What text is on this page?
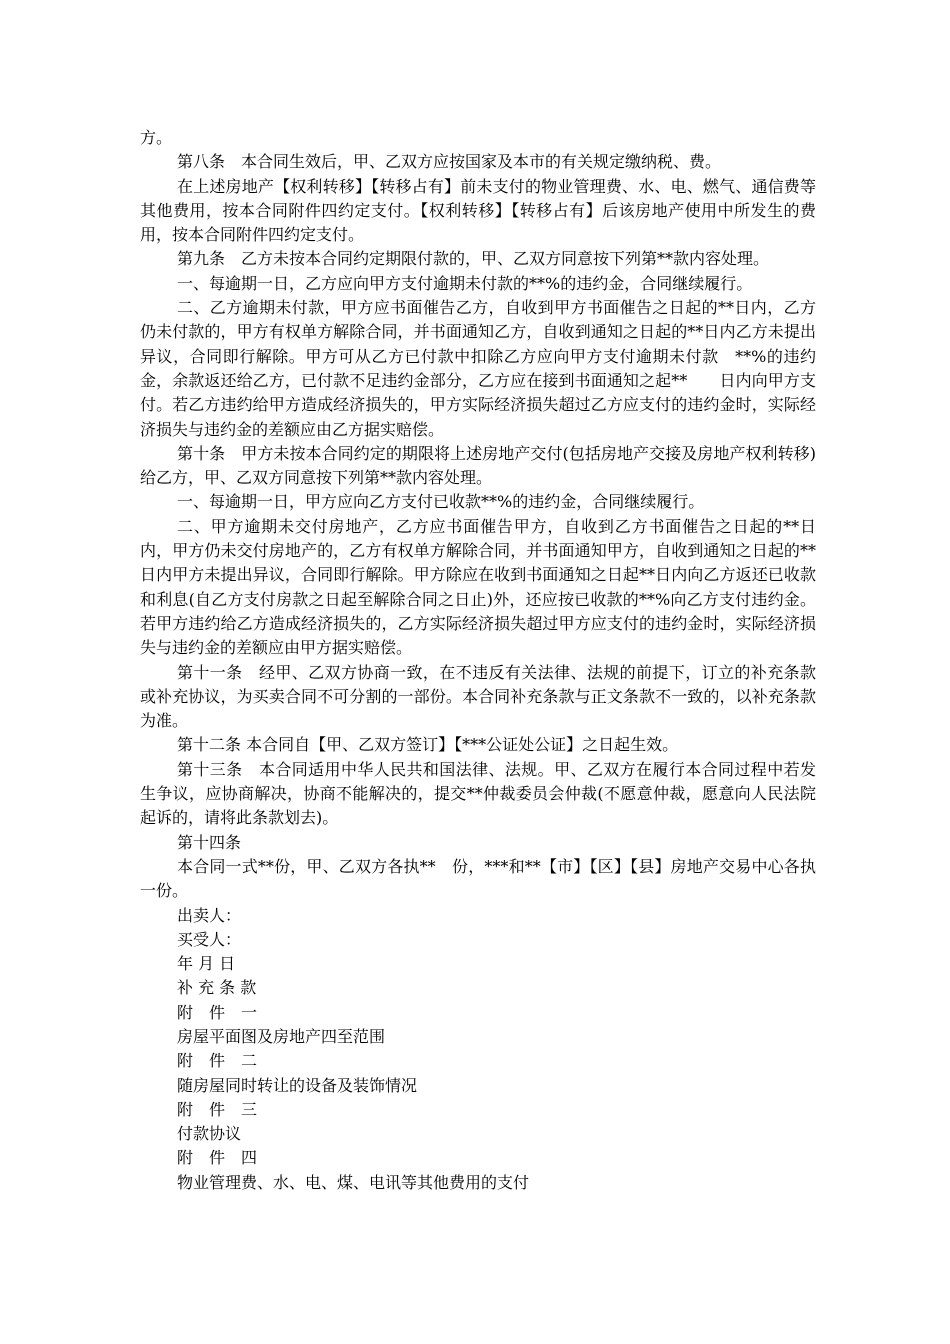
方。

第八条　本合同生效后，甲、乙双方应按国家及本市的有关规定缴纳税、费。

在上述房地产【权利转移】【转移占有】前未支付的物业管理费、水、电、燃气、通信费等其他费用，按本合同附件四约定支付。【权利转移】【转移占有】后该房地产使用中所发生的费用，按本合同附件四约定支付。

第九条　乙方未按本合同约定期限付款的，甲、乙双方同意按下列第**款内容处理。

一、每逾期一日，乙方应向甲方支付逾期未付款的**%的违约金，合同继续履行。

二、乙方逾期未付款，甲方应书面催告乙方，自收到甲方书面催告之日起的**日内，乙方仍未付款的，甲方有权单方解除合同，并书面通知乙方，自收到通知之日起的**日内乙方未提出异议，合同即行解除。甲方可从乙方已付款中扣除乙方应向甲方支付逾期未付款　**%的违约金，余款返还给乙方，已付款不足违约金部分，乙方应在接到书面通知之起**　　日内向甲方支付。若乙方违约给甲方造成经济损失的，甲方实际经济损失超过乙方应支付的违约金时，实际经济损失与违约金的差额应由乙方据实赔偿。

第十条　甲方未按本合同约定的期限将上述房地产交付(包括房地产交接及房地产权利转移)给乙方，甲、乙双方同意按下列第**款内容处理。

一、每逾期一日，甲方应向乙方支付已收款**%的违约金，合同继续履行。

二、甲方逾期未交付房地产，乙方应书面催告甲方，自收到乙方书面催告之日起的**日内，甲方仍未交付房地产的，乙方有权单方解除合同，并书面通知甲方，自收到通知之日起的**日内甲方未提出异议，合同即行解除。甲方除应在收到书面通知之日起**日内向乙方返还已收款和利息(自乙方支付房款之日起至解除合同之日止)外，还应按已收款的**%向乙方支付违约金。若甲方违约给乙方造成经济损失的，乙方实际经济损失超过甲方应支付的违约金时，实际经济损失与违约金的差额应由甲方据实赔偿。

第十一条　经甲、乙双方协商一致，在不违反有关法律、法规的前提下，订立的补充条款或补充协议，为买卖合同不可分割的一部份。本合同补充条款与正文条款不一致的，以补充条款为准。

第十二条 本合同自【甲、乙双方签订】【***公证处公证】之日起生效。

第十三条　本合同适用中华人民共和国法律、法规。甲、乙双方在履行本合同过程中若发生争议，应协商解决，协商不能解决的，提交**仲裁委员会仲裁(不愿意仲裁，愿意向人民法院起诉的，请将此条款划去)。

第十四条

本合同一式**份，甲、乙双方各执**　份，***和**【市】【区】【县】房地产交易中心各执一份。

出卖人：

买受人：

年 月 日

补 充 条 款

附　件　一

房屋平面图及房地产四至范围

附　件　二

随房屋同时转让的设备及装饰情况

附　件　三

付款协议

附　件　四

物业管理费、水、电、煤、电讯等其他费用的支付
